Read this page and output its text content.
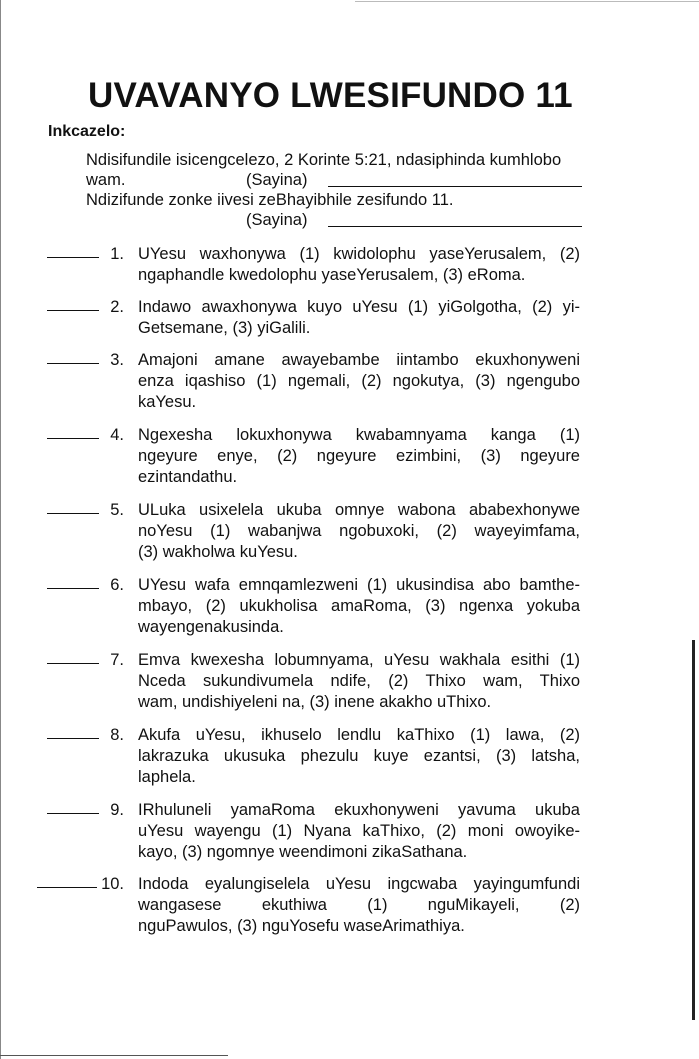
UVAVANYO LWESIFUNDO 11
Inkcazelo:
Ndisifundile isicengcelezo, 2 Korinte 5:21, ndasiphinda kumhlobo
wam.	(Sayina)
Ndizifunde zonke iivesi zeBhayibhile zesifundo 11.
(Sayina)
1. UYesu waxhonywa (1) kwidolophu yaseYerusalem, (2)
ngaphandle kwedolophu yaseYerusalem, (3) eRoma.
2. Indawo awaxhonywa kuyo uYesu (1) yiGolgotha, (2) yi-
Getsemane, (3) yiGalili.
3. Amajoni amane awayebambe iintambo ekuxhonyweni
enza iqashiso (1) ngemali, (2) ngokutya, (3) ngengubo
kaYesu.
4. Ngexesha lokuxhonywa kwabamnyama kanga (1)
ngeyure enye, (2) ngeyure ezimbini, (3) ngeyure
ezintandathu.
5. ULuka usixelela ukuba omnye wabona ababexhonywe
noYesu (1) wabanjwa ngobuxoki, (2) wayeyimfama,
(3) wakholwa kuYesu.
6. UYesu wafa emnqamlezweni (1) ukusindisa abo bamthe-
mbayo, (2) ukukholisa amaRoma, (3) ngenxa yokuba
wayengenakusinda.
7. Emva kwexesha lobumnyama, uYesu wakhala esithi (1)
Nceda sukundivumela ndife, (2) Thixo wam, Thixo
wam, undishiyeleni na, (3) inene akakho uThixo.
8. Akufa uYesu, ikhuselo lendlu kaThixo (1) lawa, (2)
lakrazuka ukusuka phezulu kuye ezantsi, (3) latsha,
laphela.
9. IRhuluneli yamaRoma ekuxhonyweni yavuma ukuba
uYesu wayengu (1) Nyana kaThixo, (2) moni owoyike-
kayo, (3) ngomnye weendimoni zikaSathana.
10. Indoda eyalungiselela uYesu ingcwaba yayingumfundi
wangasese ekuthiwa (1) nguMikayeli, (2)
nguPawulos, (3) nguYosefu waseArimathiya.
